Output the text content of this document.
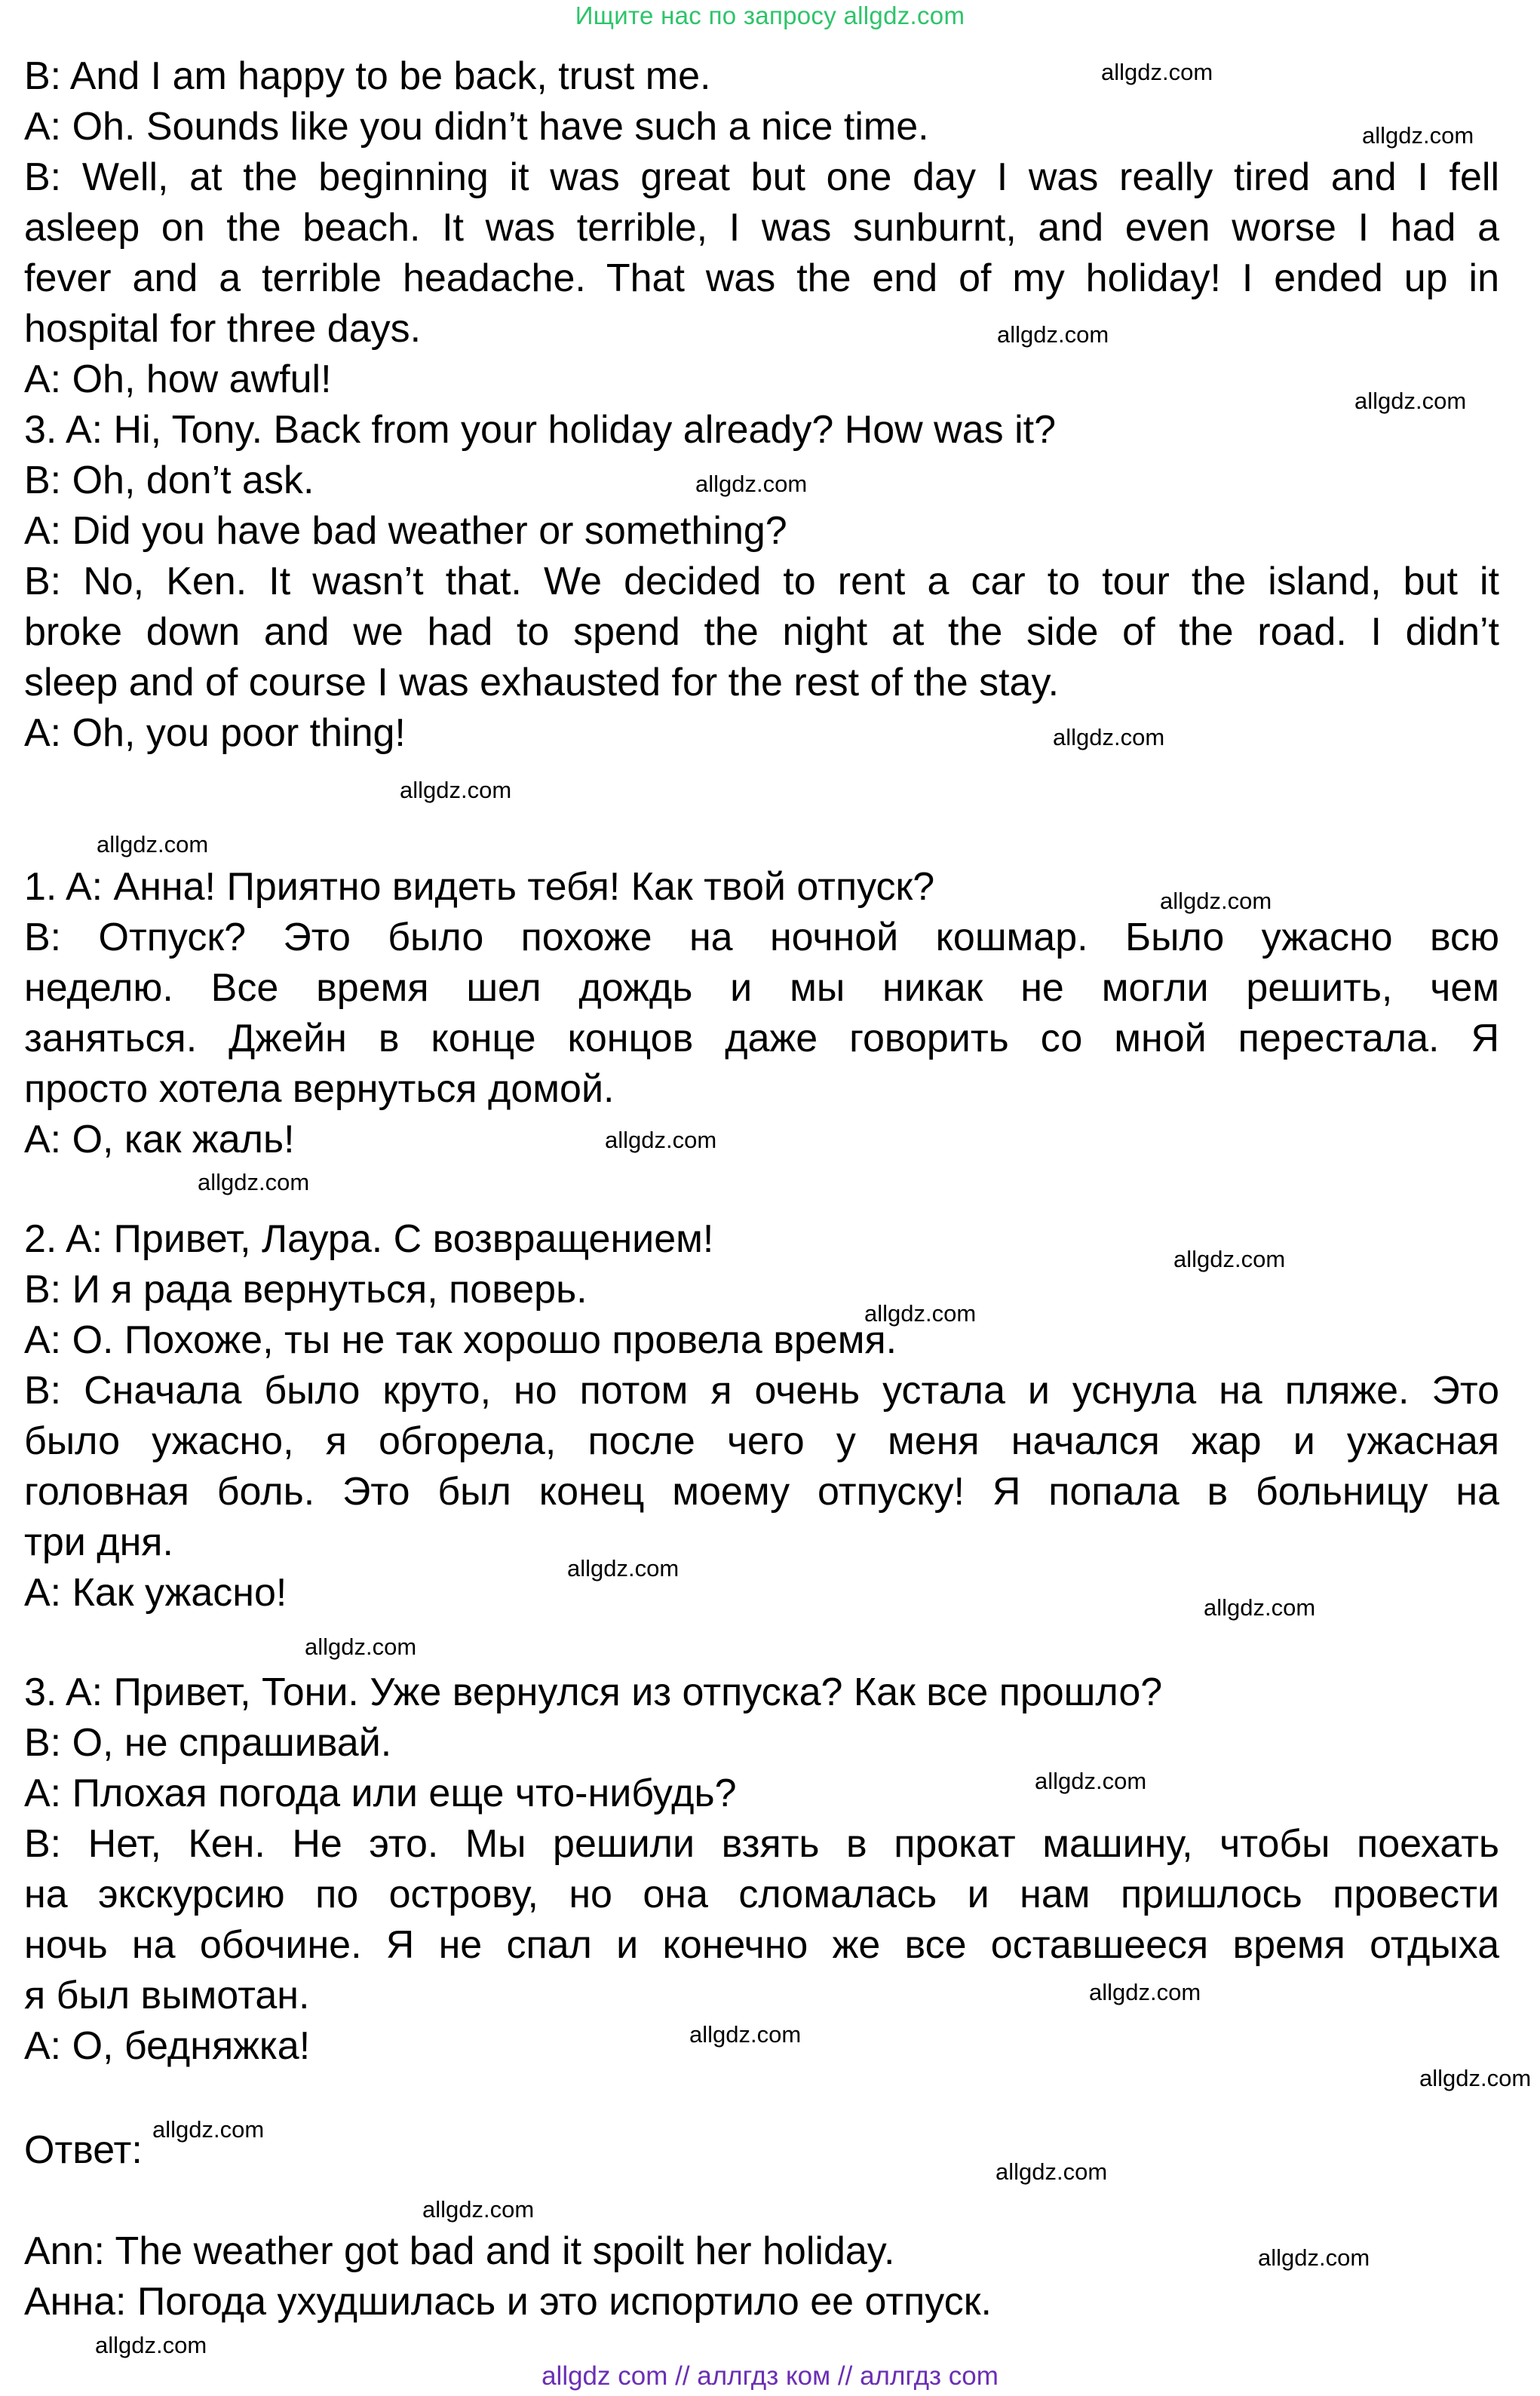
Ищите нас по запросу allgdz.com
B: And I am happy to be back, trust me.
A: Oh. Sounds like you didn’t have such a nice time.
B: Well, at the beginning it was great but one day I was really tired and I fell
asleep on the beach. It was terrible, I was sunburnt, and even worse I had a
fever and a terrible headache. That was the end of my holiday! I ended up in
hospital for three days.
A: Oh, how awful!
3. A: Hi, Tony. Back from your holiday already? How was it?
B: Oh, don’t ask.
A: Did you have bad weather or something?
B: No, Ken. It wasn’t that. We decided to rent a car to tour the island, but it
broke down and we had to spend the night at the side of the road. I didn’t
sleep and of course I was exhausted for the rest of the stay.
A: Oh, you poor thing!
1. A: Анна! Приятно видеть тебя! Как твой отпуск?
B: Отпуск? Это было похоже на ночной кошмар. Было ужасно всю
неделю. Все время шел дождь и мы никак не могли решить, чем
заняться. Джейн в конце концов даже говорить со мной перестала. Я
просто хотела вернуться домой.
А: О, как жаль!
2. A: Привет, Лаура. С возвращением!
B: И я рада вернуться, поверь.
A: О. Похоже, ты не так хорошо провела время.
B: Сначала было круто, но потом я очень устала и уснула на пляже. Это
было ужасно, я обгорела, после чего у меня начался жар и ужасная
головная боль. Это был конец моему отпуску! Я попала в больницу на
три дня.
A: Как ужасно!
3. A: Привет, Тони. Уже вернулся из отпуска? Как все прошло?
B: О, не спрашивай.
A: Плохая погода или еще что-нибудь?
B: Нет, Кен. Не это. Мы решили взять в прокат машину, чтобы поехать
на экскурсию по острову, но она сломалась и нам пришлось провести
ночь на обочине. Я не спал и конечно же все оставшееся время отдыха
я был вымотан.
A: О, бедняжка!
Ответ:
Ann: The weather got bad and it spoilt her holiday.
Анна: Погода ухудшилась и это испортило ее отпуск.
allgdz.com
allgdz.com
allgdz.com
allgdz.com
allgdz.com
allgdz.com
allgdz.com
allgdz.com
allgdz.com
allgdz.com
allgdz.com
allgdz.com
allgdz.com
allgdz.com
allgdz.com
allgdz.com
allgdz.com
allgdz.com
allgdz.com
allgdz.com
allgdz.com
allgdz.com
allgdz.com
allgdz.com
allgdz.com
allgdz com // аллгдз ком // аллгдз com
